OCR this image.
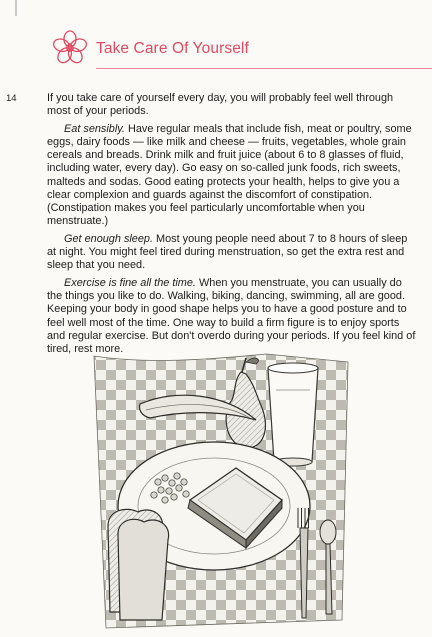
Take Care Of Yourself
14	If you take care of yourself every day, you will probably feel well through most of your periods.

Eat sensibly. Have regular meals that include fish, meat or poultry, some eggs, dairy foods — like milk and cheese — fruits, vegetables, whole grain cereals and breads. Drink milk and fruit juice (about 6 to 8 glasses of fluid, including water, every day). Go easy on so-called junk foods, rich sweets, malteds and sodas. Good eating protects your health, helps to give you a clear complexion and guards against the discomfort of constipation. (Constipation makes you feel particularly uncomfortable when you menstruate.)

Get enough sleep. Most young people need about 7 to 8 hours of sleep at night. You might feel tired during menstruation, so get the extra rest and sleep that you need.

Exercise is fine all the time. When you menstruate, you can usually do the things you like to do. Walking, biking, dancing, swimming, all are good. Keeping your body in good shape helps you to have a good posture and to feel well most of the time. One way to build a firm figure is to enjoy sports and regular exercise. But don't overdo during your periods. If you feel kind of tired, rest more.
